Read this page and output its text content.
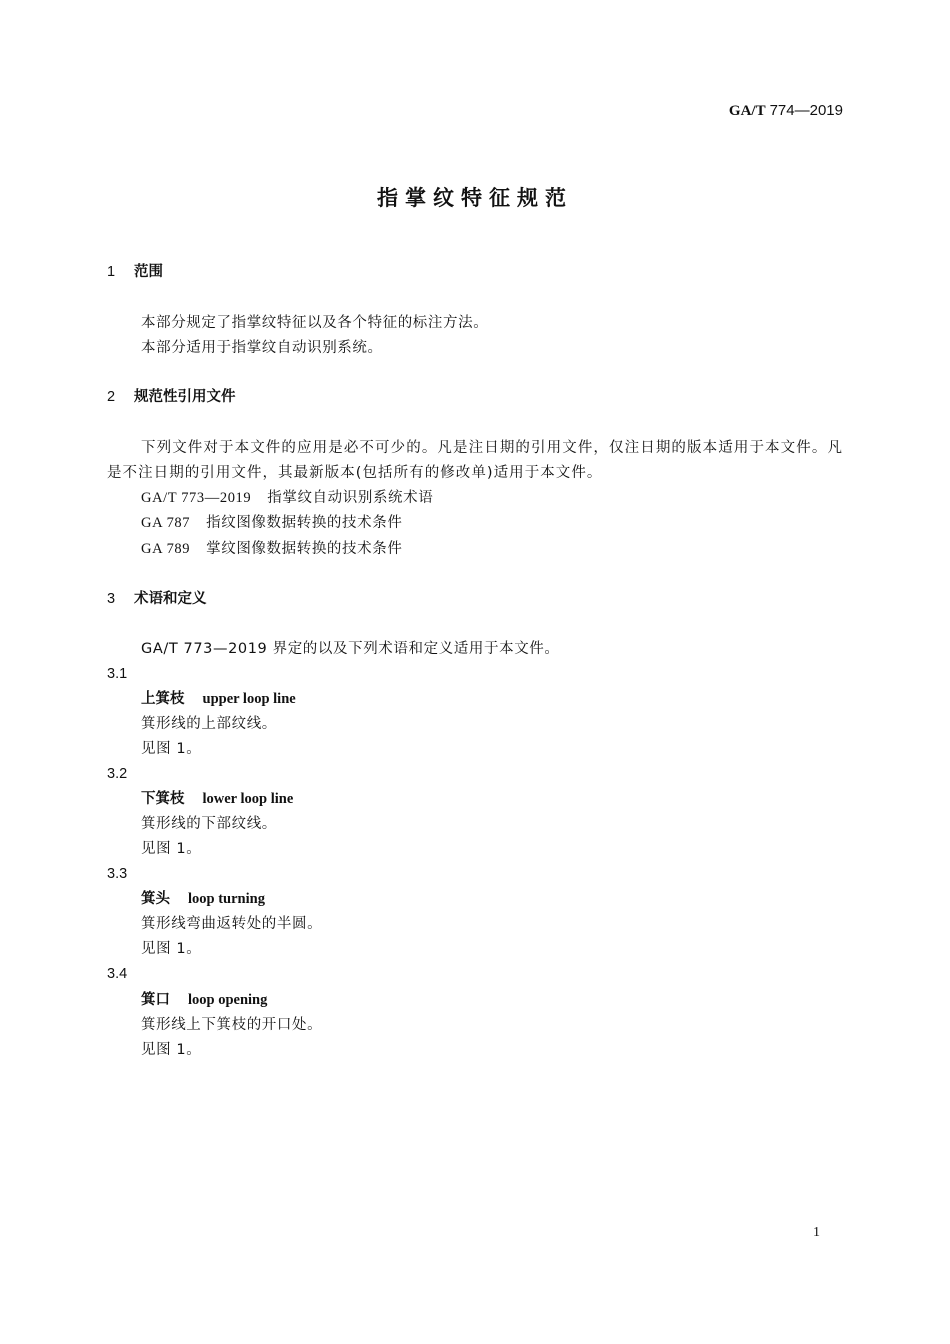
GA/T 774—2019
指掌纹特征规范
1 范围
本部分规定了指掌纹特征以及各个特征的标注方法。
本部分适用于指掌纹自动识别系统。
2 规范性引用文件
下列文件对于本文件的应用是必不可少的。凡是注日期的引用文件，仅注日期的版本适用于本文件。凡是不注日期的引用文件，其最新版本(包括所有的修改单)适用于本文件。
GA/T 773—2019 指掌纹自动识别系统术语
GA 787 指纹图像数据转换的技术条件
GA 789 掌纹图像数据转换的技术条件
3 术语和定义
GA/T 773—2019 界定的以及下列术语和定义适用于本文件。
3.1
上箕枝 upper loop line
箕形线的上部纹线。
见图 1。
3.2
下箕枝 lower loop line
箕形线的下部纹线。
见图 1。
3.3
箕头 loop turning
箕形线弯曲返转处的半圆。
见图 1。
3.4
箕口 loop opening
箕形线上下箕枝的开口处。
见图 1。
1
